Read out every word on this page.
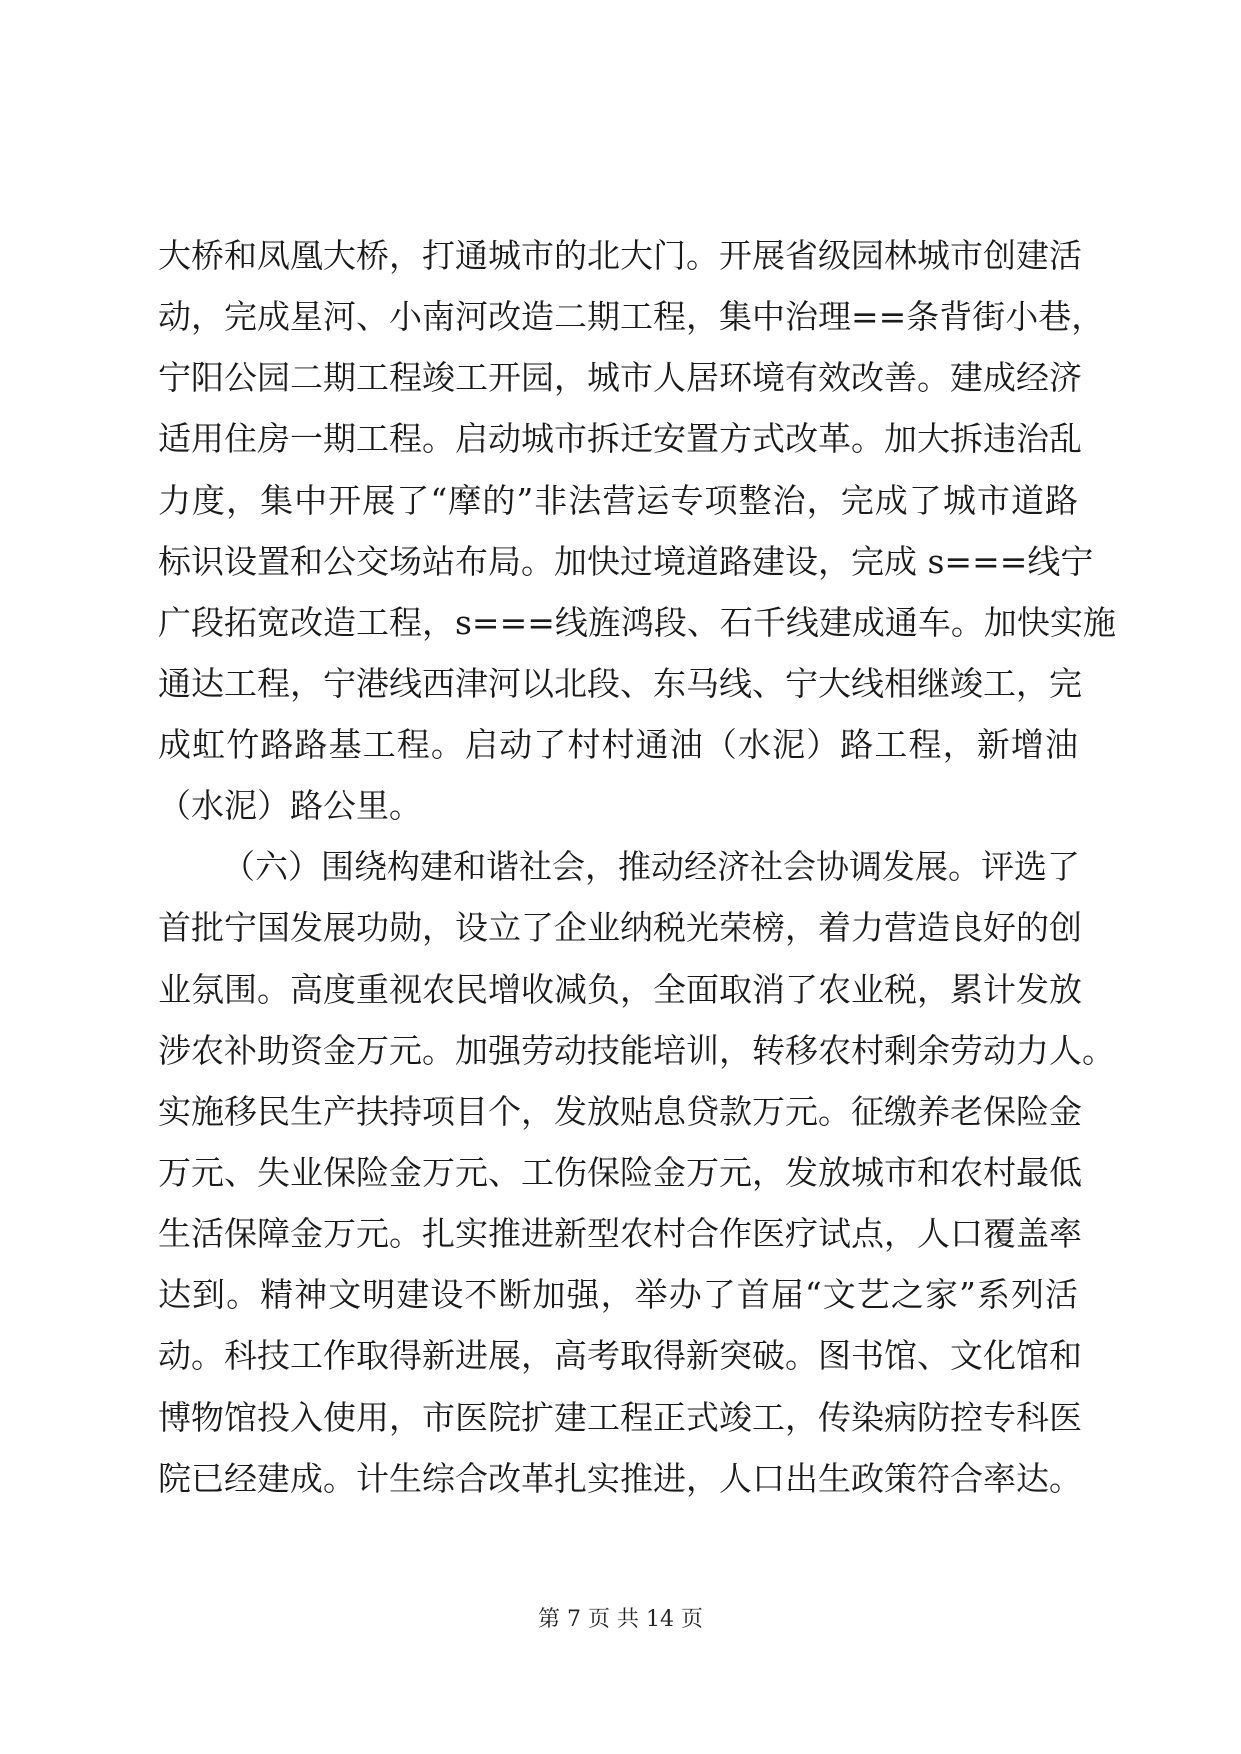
大桥和凤凰大桥，打通城市的北大门。开展省级园林城市创建活
动，完成星河、小南河改造二期工程，集中治理==条背街小巷，
宁阳公园二期工程竣工开园，城市人居环境有效改善。建成经济
适用住房一期工程。启动城市拆迁安置方式改革。加大拆违治乱
力度，集中开展了“摩的”非法营运专项整治，完成了城市道路
标识设置和公交场站布局。加快过境道路建设，完成 s===线宁
广段拓宽改造工程，s===线旌鸿段、石千线建成通车。加快实施
通达工程，宁港线西津河以北段、东马线、宁大线相继竣工，完
成虹竹路路基工程。启动了村村通油（水泥）路工程，新增油
（水泥）路公里。
（六）围绕构建和谐社会，推动经济社会协调发展。评选了
首批宁国发展功勋，设立了企业纳税光荣榜，着力营造良好的创
业氛围。高度重视农民增收减负，全面取消了农业税，累计发放
涉农补助资金万元。加强劳动技能培训，转移农村剩余劳动力人。
实施移民生产扶持项目个，发放贴息贷款万元。征缴养老保险金
万元、失业保险金万元、工伤保险金万元，发放城市和农村最低
生活保障金万元。扎实推进新型农村合作医疗试点，人口覆盖率
达到。精神文明建设不断加强，举办了首届“文艺之家”系列活
动。科技工作取得新进展，高考取得新突破。图书馆、文化馆和
博物馆投入使用，市医院扩建工程正式竣工，传染病防控专科医
院已经建成。计生综合改革扎实推进，人口出生政策符合率达。
第 7 页 共 14 页
